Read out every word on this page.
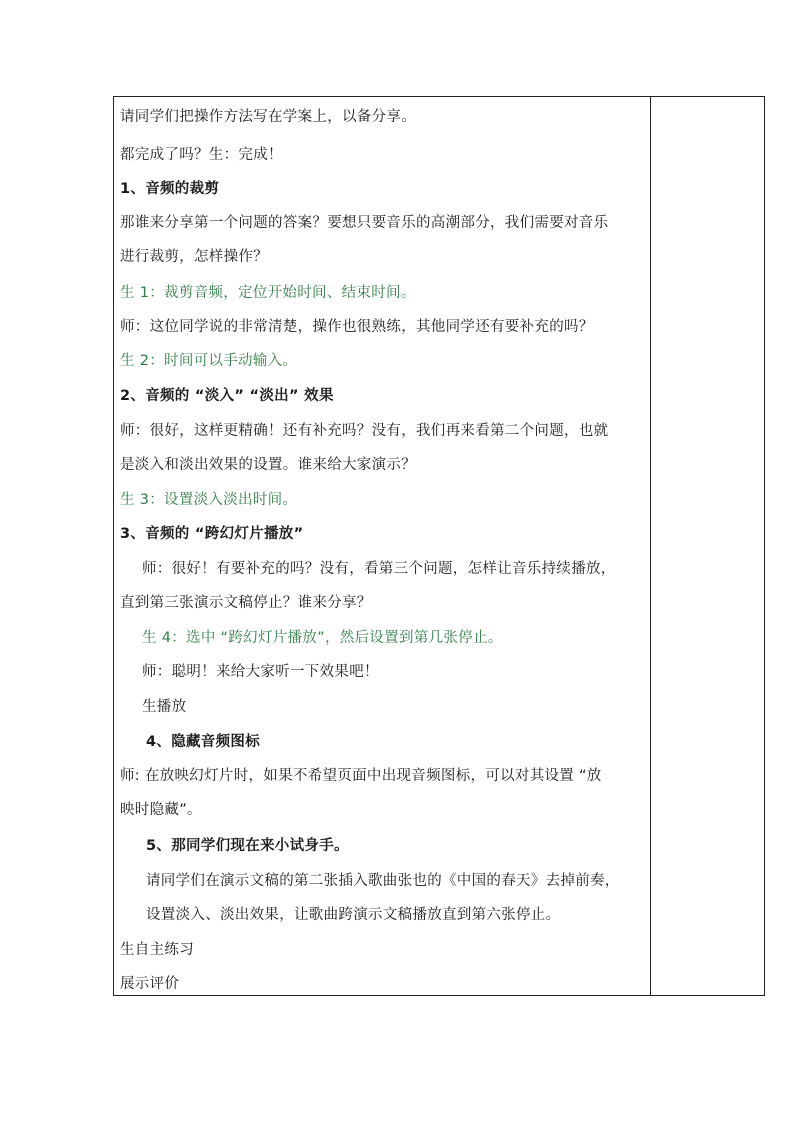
请同学们把操作方法写在学案上，以备分享。
都完成了吗？生：完成！
1、音频的裁剪
那谁来分享第一个问题的答案？要想只要音乐的高潮部分，我们需要对音乐
进行裁剪，怎样操作？
生 1：裁剪音频，定位开始时间、结束时间。
师：这位同学说的非常清楚，操作也很熟练，其他同学还有要补充的吗？
生 2：时间可以手动输入。
2、音频的 “淡入” “淡出” 效果
师：很好，这样更精确！还有补充吗？没有，我们再来看第二个问题，也就
是淡入和淡出效果的设置。谁来给大家演示？
生 3：设置淡入淡出时间。
3、音频的 “跨幻灯片播放”
师：很好！有要补充的吗？没有，看第三个问题，怎样让音乐持续播放，
直到第三张演示文稿停止？谁来分享？
生 4：选中 “跨幻灯片播放”，然后设置到第几张停止。
师：聪明！来给大家听一下效果吧！
生播放
4、隐藏音频图标
师: 在放映幻灯片时，如果不希望页面中出现音频图标，可以对其设置 “放
映时隐藏”。
5、那同学们现在来小试身手。
请同学们在演示文稿的第二张插入歌曲张也的《中国的春天》去掉前奏，
设置淡入、淡出效果，让歌曲跨演示文稿播放直到第六张停止。
生自主练习
展示评价
